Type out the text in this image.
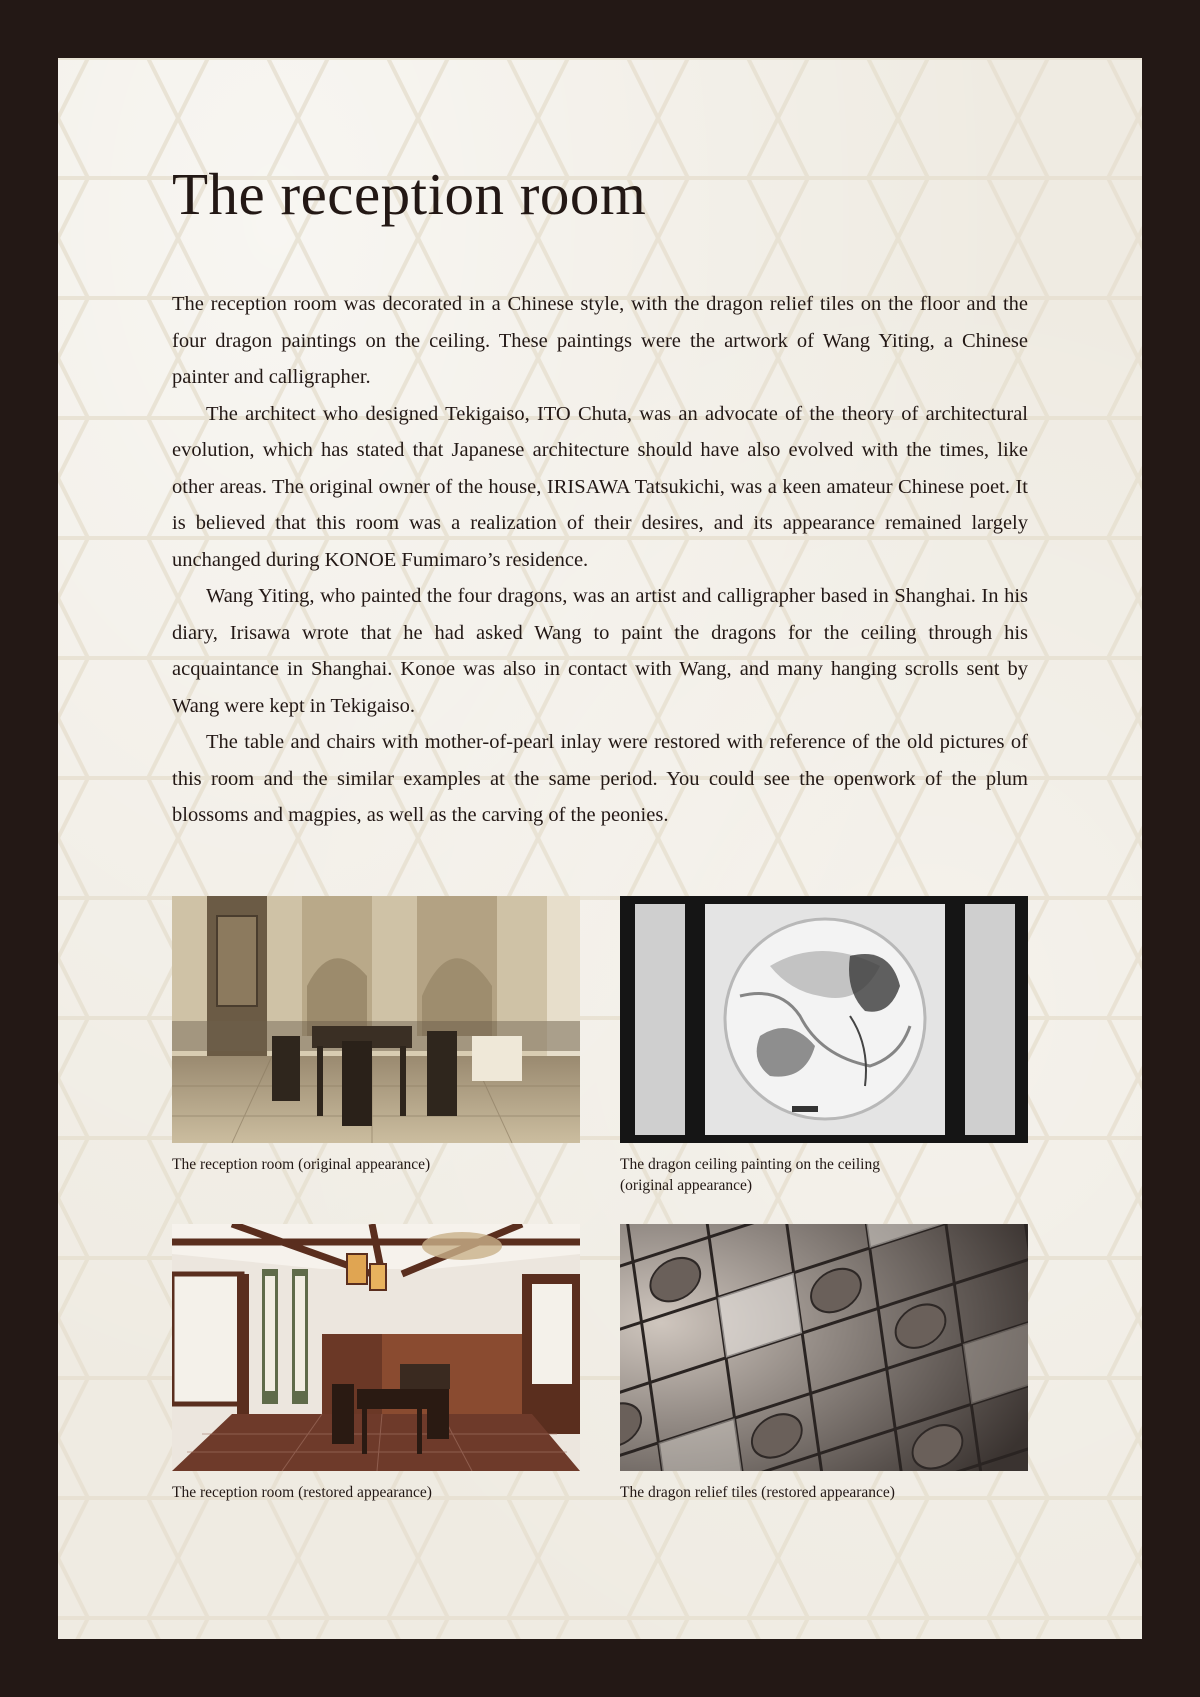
The reception room

The reception room was decorated in a Chinese style, with the dragon relief tiles on the floor and the four dragon paintings on the ceiling. These paintings were the artwork of Wang Yiting, a Chinese painter and calligrapher.

The architect who designed Tekigaiso, ITO Chuta, was an advocate of the theory of architectural evolution, which has stated that Japanese architecture should have also evolved with the times, like other areas. The original owner of the house, IRISAWA Tatsukichi, was a keen amateur Chinese poet. It is believed that this room was a realization of their desires, and its appearance remained largely unchanged during KONOE Fumimaro’s residence.

Wang Yiting, who painted the four dragons, was an artist and calligrapher based in Shanghai. In his diary, Irisawa wrote that he had asked Wang to paint the dragons for the ceiling through his acquaintance in Shanghai. Konoe was also in contact with Wang, and many hanging scrolls sent by Wang were kept in Tekigaiso.

The table and chairs with mother-of-pearl inlay were restored with reference of the old pictures of this room and the similar examples at the same period. You could see the openwork of the plum blossoms and magpies, as well as the carving of the peonies.

The reception room (original appearance)	The dragon ceiling painting on the ceiling
(original appearance)

The reception room (restored appearance)	The dragon relief tiles (restored appearance)
